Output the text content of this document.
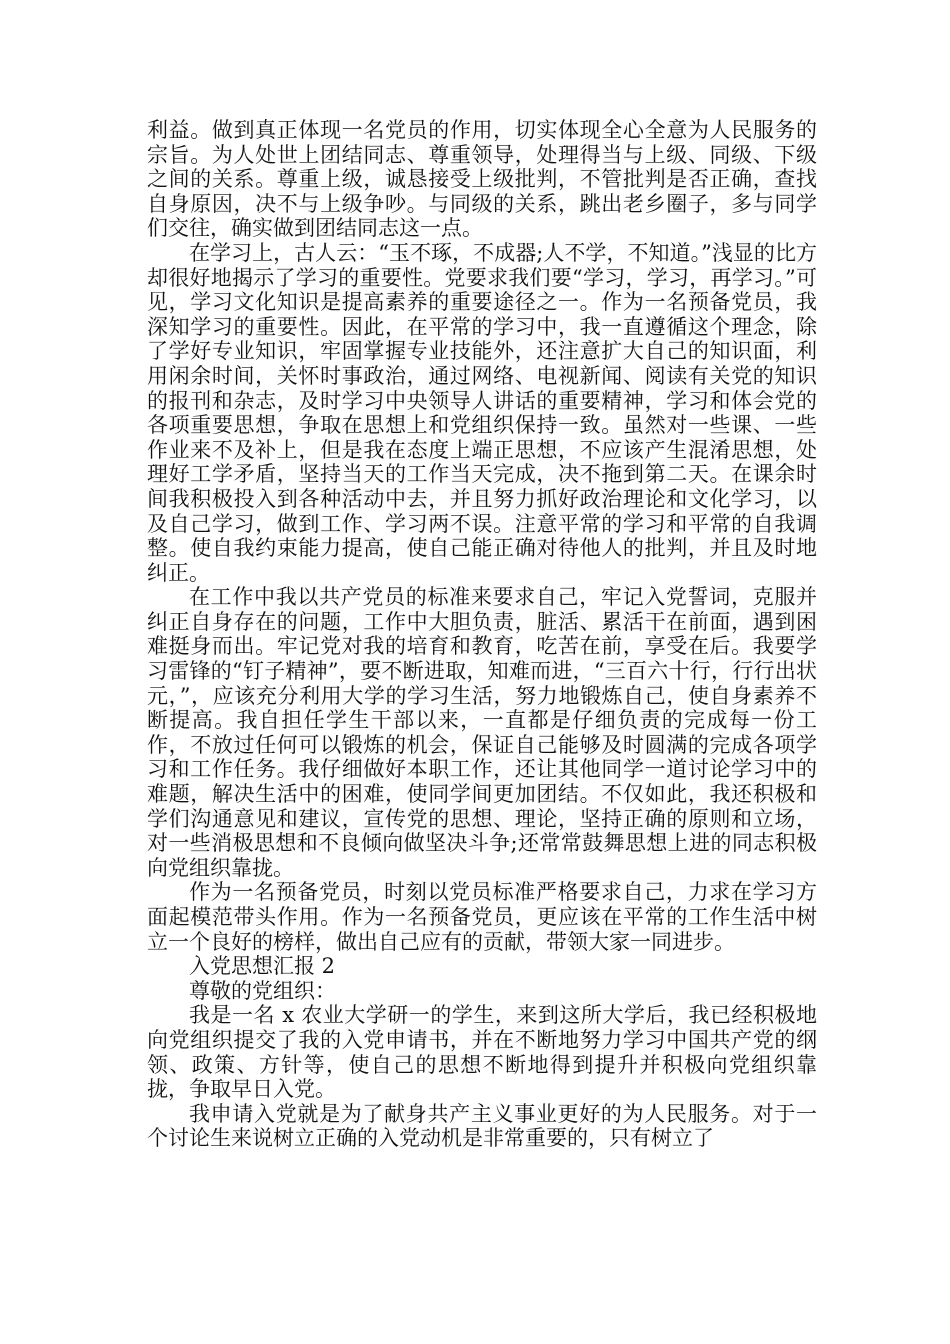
利益。做到真正体现一名党员的作用，切实体现全心全意为人民服务的宗旨。为人处世上团结同志、尊重领导，处理得当与上级、同级、下级之间的关系。尊重上级，诚恳接受上级批判，不管批判是否正确，查找自身原因，决不与上级争吵。与同级的关系，跳出老乡圈子，多与同学们交往，确实做到团结同志这一点。

在学习上，古人云：“玉不琢，不成器;人不学，不知道。”浅显的比方却很好地揭示了学习的重要性。党要求我们要“学习，学习，再学习。”可见，学习文化知识是提高素养的重要途径之一。作为一名预备党员，我深知学习的重要性。因此，在平常的学习中，我一直遵循这个理念，除了学好专业知识，牢固掌握专业技能外，还注意扩大自己的知识面，利用闲余时间，关怀时事政治，通过网络、电视新闻、阅读有关党的知识的报刊和杂志，及时学习中央领导人讲话的重要精神，学习和体会党的各项重要思想，争取在思想上和党组织保持一致。虽然对一些课、一些作业来不及补上，但是我在态度上端正思想，不应该产生混淆思想，处理好工学矛盾，坚持当天的工作当天完成，决不拖到第二天。在课余时间我积极投入到各种活动中去，并且努力抓好政治理论和文化学习，以及自己学习，做到工作、学习两不误。注意平常的学习和平常的自我调整。使自我约束能力提高，使自己能正确对待他人的批判，并且及时地纠正。

在工作中我以共产党员的标准来要求自己，牢记入党誓词，克服并纠正自身存在的问题，工作中大胆负责，脏活、累活干在前面，遇到困难挺身而出。牢记党对我的培育和教育，吃苦在前，享受在后。我要学习雷锋的“钉子精神”，要不断进取，知难而进，“三百六十行，行行出状元，”，应该充分利用大学的学习生活，努力地锻炼自己，使自身素养不断提高。我自担任学生干部以来，一直都是仔细负责的完成每一份工作，不放过任何可以锻炼的机会，保证自己能够及时圆满的完成各项学习和工作任务。我仔细做好本职工作，还让其他同学一道讨论学习中的难题，解决生活中的困难，使同学间更加团结。不仅如此，我还积极和学们沟通意见和建议，宣传党的思想、理论，坚持正确的原则和立场，对一些消极思想和不良倾向做坚决斗争;还常常鼓舞思想上进的同志积极向党组织靠拢。

作为一名预备党员，时刻以党员标准严格要求自己，力求在学习方面起模范带头作用。作为一名预备党员，更应该在平常的工作生活中树立一个良好的榜样，做出自己应有的贡献，带领大家一同进步。

入党思想汇报 2

尊敬的党组织：

我是一名 x 农业大学研一的学生，来到这所大学后，我已经积极地向党组织提交了我的入党申请书，并在不断地努力学习中国共产党的纲领、政策、方针等，使自己的思想不断地得到提升并积极向党组织靠拢，争取早日入党。

我申请入党就是为了献身共产主义事业更好的为人民服务。对于一个讨论生来说树立正确的入党动机是非常重要的，只有树立了
